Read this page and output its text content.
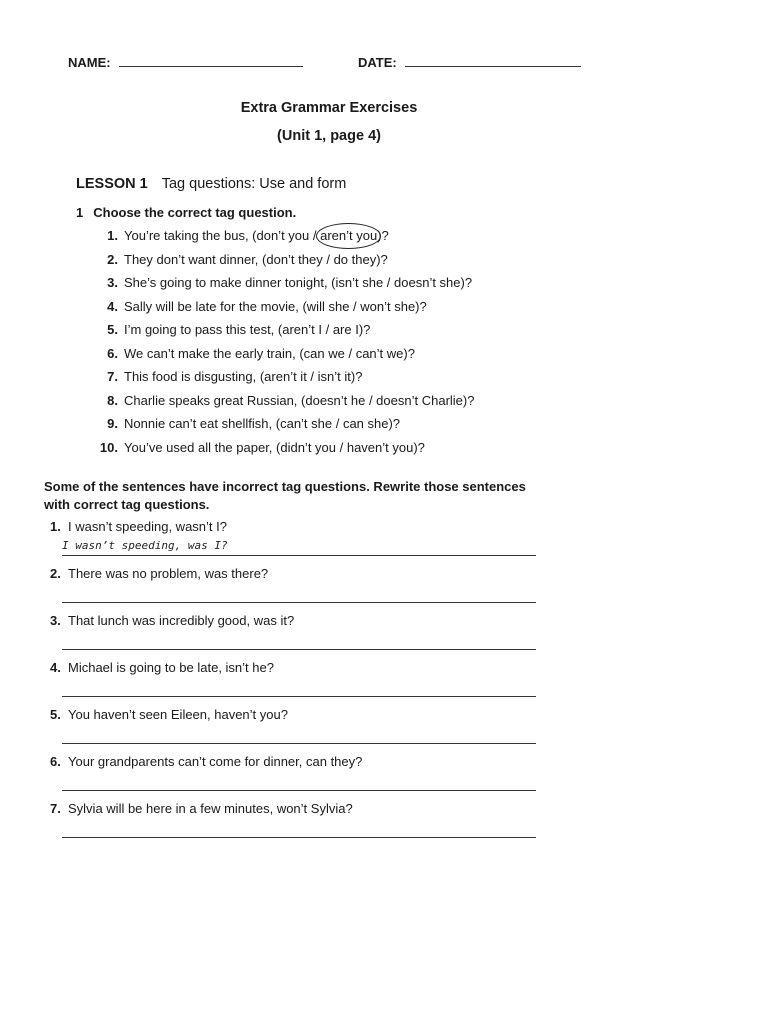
NAME:	DATE:
Extra Grammar Exercises
(Unit 1, page 4)
LESSON 1 Tag questions: Use and form
1 Choose the correct tag question.
1. You’re taking the bus, (don’t you / aren’t you)?
2. They don’t want dinner, (don’t they / do they)?
3. She’s going to make dinner tonight, (isn’t she / doesn’t she)?
4. Sally will be late for the movie, (will she / won’t she)?
5. I’m going to pass this test, (aren’t I / are I)?
6. We can’t make the early train, (can we / can’t we)?
7. This food is disgusting, (aren’t it / isn’t it)?
8. Charlie speaks great Russian, (doesn’t he / doesn’t Charlie)?
9. Nonnie can’t eat shellfish, (can’t she / can she)?
10. You’ve used all the paper, (didn’t you / haven’t you)?
Some of the sentences have incorrect tag questions. Rewrite those sentences with correct tag questions.
1. I wasn’t speeding, wasn’t I?
I wasn’t speeding, was I?
2. There was no problem, was there?
3. That lunch was incredibly good, was it?
4. Michael is going to be late, isn’t he?
5. You haven’t seen Eileen, haven’t you?
6. Your grandparents can’t come for dinner, can they?
7. Sylvia will be here in a few minutes, won’t Sylvia?
